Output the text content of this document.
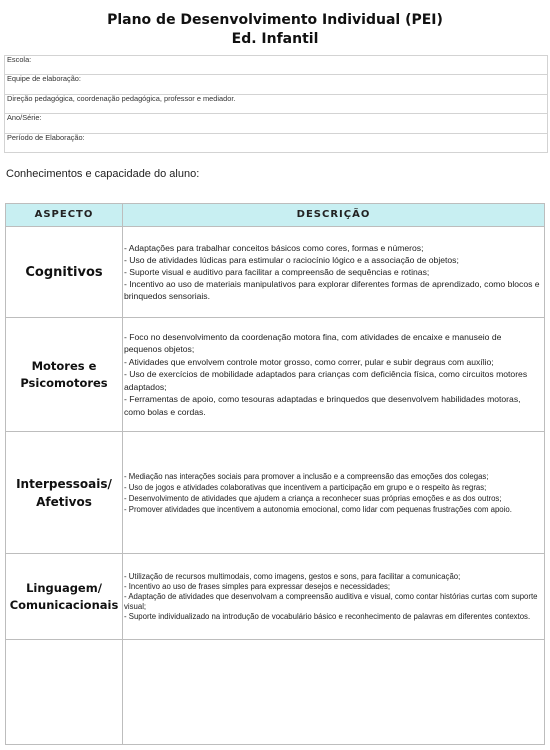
Plano de Desenvolvimento Individual (PEI)
Ed. Infantil
Escola:
Equipe de elaboração:
Direção pedagógica, coordenação pedagógica, professor e mediador.
Ano/Série:
Período de Elaboração:
Conhecimentos e capacidade do aluno:
ASPECTO	DESCRIÇÃO
Cognitivos
- Adaptações para trabalhar conceitos básicos como cores, formas e números;
- Uso de atividades lúdicas para estimular o raciocínio lógico e a associação de objetos;
- Suporte visual e auditivo para facilitar a compreensão de sequências e rotinas;
- Incentivo ao uso de materiais manipulativos para explorar diferentes formas de aprendizado, como blocos e brinquedos sensoriais.
Motores e Psicomotores
- Foco no desenvolvimento da coordenação motora fina, com atividades de encaixe e manuseio de pequenos objetos;
- Atividades que envolvem controle motor grosso, como correr, pular e subir degraus com auxílio;
- Uso de exercícios de mobilidade adaptados para crianças com deficiência física, como circuitos motores adaptados;
- Ferramentas de apoio, como tesouras adaptadas e brinquedos que desenvolvem habilidades motoras, como bolas e cordas.
Interpessoais/ Afetivos
- Mediação nas interações sociais para promover a inclusão e a compreensão das emoções dos colegas;
- Uso de jogos e atividades colaborativas que incentivem a participação em grupo e o respeito às regras;
- Desenvolvimento de atividades que ajudem a criança a reconhecer suas próprias emoções e as dos outros;
- Promover atividades que incentivem a autonomia emocional, como lidar com pequenas frustrações com apoio.
Linguagem/ Comunicacionais
- Utilização de recursos multimodais, como imagens, gestos e sons, para facilitar a comunicação;
- Incentivo ao uso de frases simples para expressar desejos e necessidades;
- Adaptação de atividades que desenvolvam a compreensão auditiva e visual, como contar histórias curtas com suporte visual;
- Suporte individualizado na introdução de vocabulário básico e reconhecimento de palavras em diferentes contextos.
